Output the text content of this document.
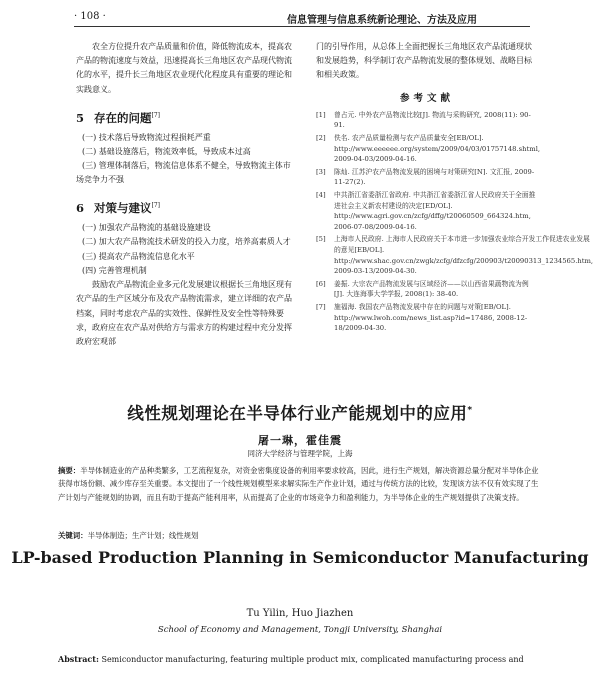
· 108 ·	信息管理与信息系统新论理论、方法及应用

农全方位提升农产品质量和价值，降低物流成本，提高农产品的物流速度与效益，迅速提高长三角地区农产品现代物流化的水平，提升长三角地区农业现代化程度具有重要的理论和实践意义。

5 存在的问题[7]

(一) 技术落后导致物流过程损耗严重

(二) 基础设施落后，物流效率低，导致成本过高

(三) 管理体制落后，物流信息体系不健全，导致物流主体市场竞争力不强

6 对策与建议[7]

(一) 加强农产品物流的基础设施建设

(二) 加大农产品物流技术研发的投入力度，培养高素质人才

(三) 提高农产品物流信息化水平

(四) 完善管理机制

鼓励农产品物流企业多元化发展建议根据长三角地区现有农产品的生产区域分布及农产品物流需求，建立详细的农产品档案，同时考虑农产品的实效性、保鲜性及安全性等特殊要求，政府应在农产品对供给方与需求方的构建过程中充分发挥政府宏观部

门的引导作用，从总体上全面把握长三角地区农产品流通现状和发展趋势，科学制订农产品物流发展的整体规划、战略目标和相关政策。

参考文献
[1]	曾占元. 中外农产品物流比较[J]. 物流与采购研究, 2008(11): 90-91.
[2]	佚名. 农产品质量检测与农产品质量安全[EB/OL]. http://www.eeeeee.org/system/2009/04/03/01757148.shtml, 2009-04-03/2009-04-16.
[3]	陈灿. 江苏沪农产品物流发展的困境与对策研究[N]. 文汇报, 2009-11-27(2).
[4]	中共浙江省委浙江省政府. 中共浙江省委浙江省人民政府关于全面推进社会主义新农村建设的决定[ED/OL]. http://www.agri.gov.cn/zcfg/dffg/t20060509_664324.htm, 2006-07-08/2009-04-16.
[5]	上海市人民政府. 上海市人民政府关于本市进一步加强农业综合开发工作促进农业发展的意见[EB/OL]. http://www.shac.gov.cn/zwgk/zcfg/dfzcfg/200903/t20090313_1234565.htm, 2009-03-13/2009-04-30.
[6]	姜振. 大宗农产品物流发展与区域经济——以山西省果蔬物流为例[J]. 大连海事大学学报, 2008(1): 38-40.
[7]	施福海. 我国农产品物流发展中存在的问题与对策[EB/OL]. http://www.lwoh.com/news_list.asp?id=17486, 2008-12-18/2009-04-30.
线性规划理论在半导体行业产能规划中的应用*
屠一琳，霍佳震
同济大学经济与管理学院，上海
摘要：半导体制造业的产品种类繁多，工艺流程复杂，对资金密集度设备的利用率要求较高，因此，进行生产规划，解决资源总量分配对半导体企业获得市场份额、减少库存至关重要。本文提出了一个线性规划模型来求解实际生产作业计划，通过与传统方法的比较，发现该方法不仅有效实现了生产计划与产能规划的协调，而且有助于提高产能利用率，从而提高了企业的市场竞争力和盈利能力，为半导体企业的生产规划提供了决策支持。
关键词：半导体制造；生产计划；线性规划
LP-based Production Planning in Semiconductor Manufacturing
Tu Yilin, Huo Jiazhen
School of Economy and Management, Tongji University, Shanghai
Abstract: Semiconductor manufacturing, featuring multiple product mix, complicated manufacturing process and
